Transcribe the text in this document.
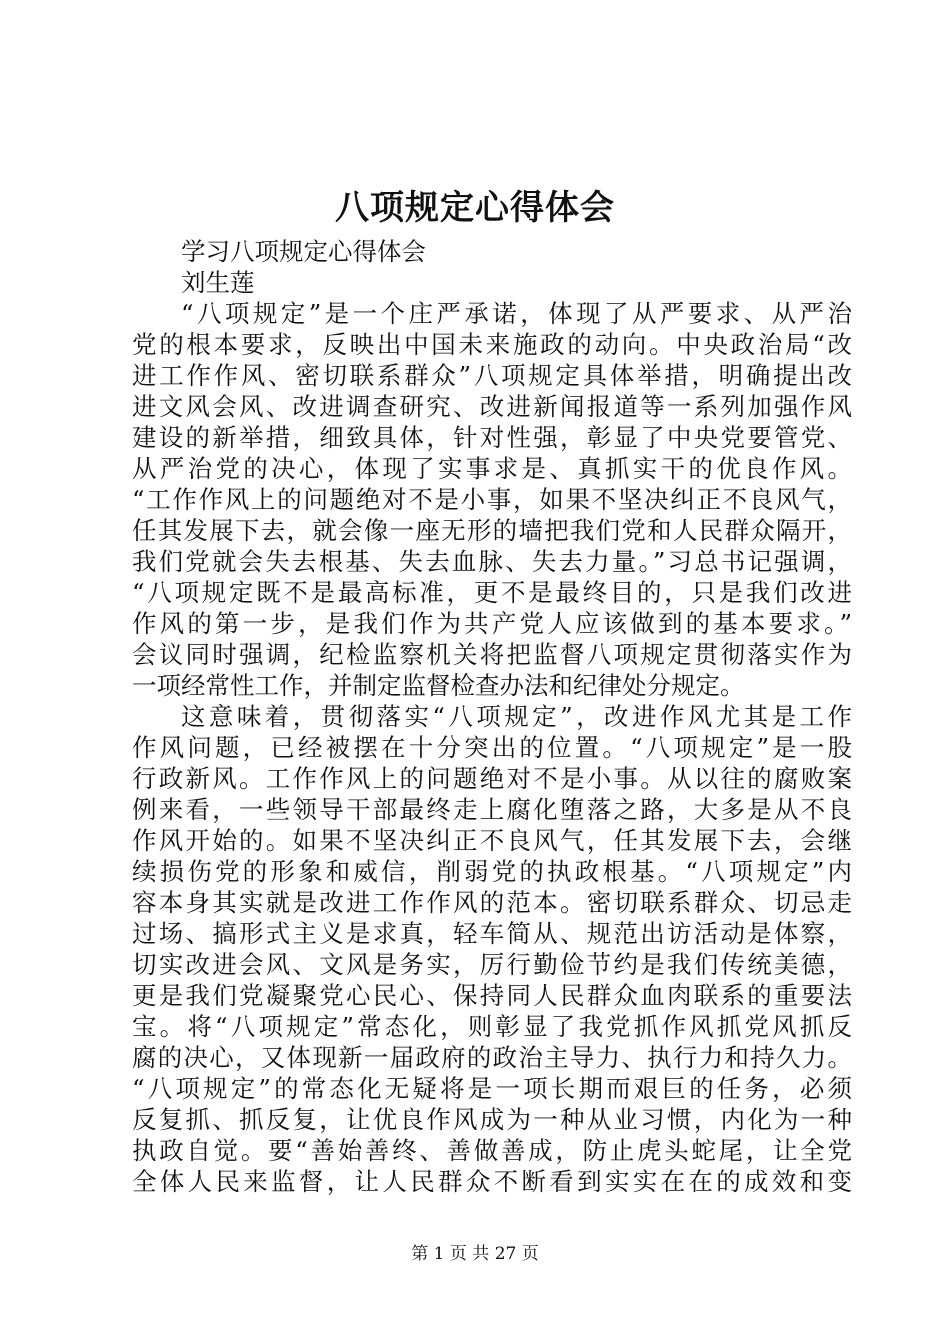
八项规定心得体会
学习八项规定心得体会
刘生莲
“八项规定”是一个庄严承诺，体现了从严要求、从严治
党的根本要求，反映出中国未来施政的动向。中央政治局“改
进工作作风、密切联系群众”八项规定具体举措，明确提出改
进文风会风、改进调查研究、改进新闻报道等一系列加强作风
建设的新举措，细致具体，针对性强，彰显了中央党要管党、
从严治党的决心，体现了实事求是、真抓实干的优良作风。
“工作作风上的问题绝对不是小事，如果不坚决纠正不良风气，
任其发展下去，就会像一座无形的墙把我们党和人民群众隔开，
我们党就会失去根基、失去血脉、失去力量。”习总书记强调，
“八项规定既不是最高标准，更不是最终目的，只是我们改进
作风的第一步，是我们作为共产党人应该做到的基本要求。”
会议同时强调，纪检监察机关将把监督八项规定贯彻落实作为
一项经常性工作，并制定监督检查办法和纪律处分规定。
这意味着，贯彻落实“八项规定”，改进作风尤其是工作
作风问题，已经被摆在十分突出的位置。“八项规定”是一股
行政新风。工作作风上的问题绝对不是小事。从以往的腐败案
例来看，一些领导干部最终走上腐化堕落之路，大多是从不良
作风开始的。如果不坚决纠正不良风气，任其发展下去，会继
续损伤党的形象和威信，削弱党的执政根基。“八项规定”内
容本身其实就是改进工作作风的范本。密切联系群众、切忌走
过场、搞形式主义是求真，轻车简从、规范出访活动是体察，
切实改进会风、文风是务实，厉行勤俭节约是我们传统美德，
更是我们党凝聚党心民心、保持同人民群众血肉联系的重要法
宝。将“八项规定”常态化，则彰显了我党抓作风抓党风抓反
腐的决心，又体现新一届政府的政治主导力、执行力和持久力。
“八项规定”的常态化无疑将是一项长期而艰巨的任务，必须
反复抓、抓反复，让优良作风成为一种从业习惯，内化为一种
执政自觉。要“善始善终、善做善成，防止虎头蛇尾，让全党
全体人民来监督，让人民群众不断看到实实在在的成效和变
第 1 页 共 27 页
